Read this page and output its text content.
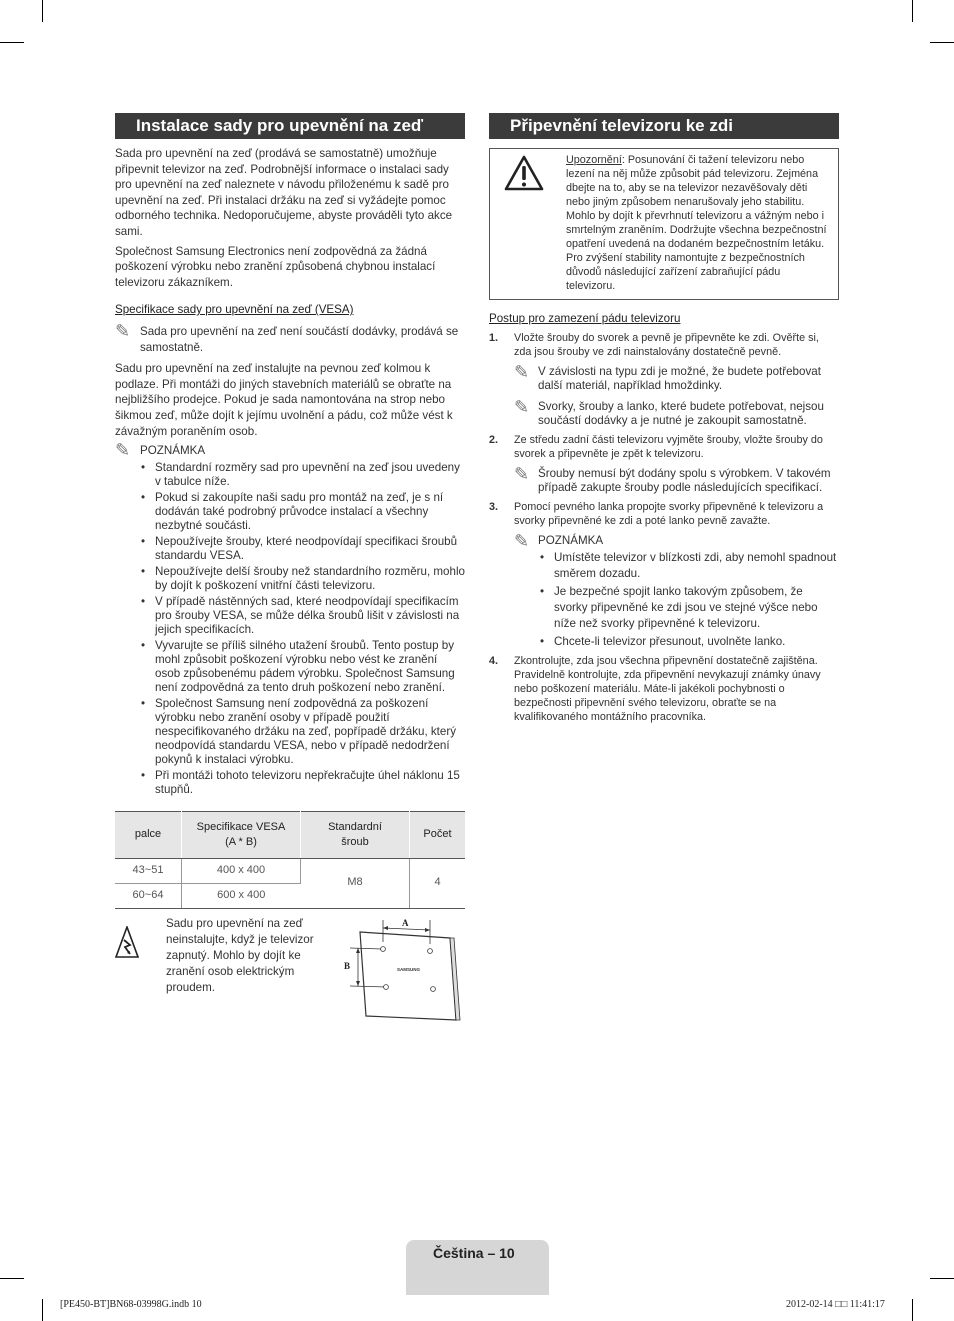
Instalace sady pro upevnění na zeď

Sada pro upevnění na zeď (prodává se samostatně) umožňuje připevnit televizor na zeď. Podrobnější informace o instalaci sady pro upevnění na zeď naleznete v návodu přiloženému k sadě pro upevnění na zeď. Při instalaci držáku na zeď si vyžádejte pomoc odborného technika. Nedoporučujeme, abyste prováděli tyto akce sami.

Společnost Samsung Electronics není zodpovědná za žádná poškození výrobku nebo zranění způsobená chybnou instalací televizoru zákazníkem.

Specifikace sady pro upevnění na zeď (VESA)
✎ Sada pro upevnění na zeď není součástí dodávky, prodává se samostatně.

Sadu pro upevnění na zeď instalujte na pevnou zeď kolmou k podlaze. Při montáži do jiných stavebních materiálů se obraťte na nejbližšího prodejce. Pokud je sada namontována na strop nebo šikmou zeď, může dojít k jejímu uvolnění a pádu, což může vést k závažným poraněním osob.

✎ POZNÁMKA
• Standardní rozměry sad pro upevnění na zeď jsou uvedeny v tabulce níže.
• Pokud si zakoupíte naši sadu pro montáž na zeď, je s ní dodáván také podrobný průvodce instalací a všechny nezbytné součásti.
• Nepoužívejte šrouby, které neodpovídají specifikaci šroubů standardu VESA.
• Nepoužívejte delší šrouby než standardního rozměru, mohlo by dojít k poškození vnitřní části televizoru.
• V případě nástěnných sad, které neodpovídají specifikacím pro šrouby VESA, se může délka šroubů lišit v závislosti na jejich specifikacích.
• Vyvarujte se příliš silného utažení šroubů. Tento postup by mohl způsobit poškození výrobku nebo vést ke zranění osob způsobenému pádem výrobku. Společnost Samsung není zodpovědná za tento druh poškození nebo zranění.
• Společnost Samsung není zodpovědná za poškození výrobku nebo zranění osoby v případě použití nespecifikovaného držáku na zeď, popřípadě držáku, který neodpovídá standardu VESA, nebo v případě nedodržení pokynů k instalaci výrobku.
• Při montáži tohoto televizoru nepřekračujte úhel náklonu 15 stupňů.
palce	Specifikace VESA (A * B)	Standardní šroub	Počet
43~51	400 x 400	M8	4
60~64	600 x 400		
Sadu pro upevnění na zeď neinstalujte, když je televizor zapnutý. Mohlo by dojít ke zranění osob elektrickým proudem.
A
B	SAMSUNG
Připevnění televizoru ke zdi
Upozornění: Posunování či tažení televizoru nebo lezení na něj může způsobit pád televizoru. Zejména dbejte na to, aby se na televizor nezavěšovaly děti nebo jiným způsobem nenarušovaly jeho stabilitu. Mohlo by dojít k převrhnutí televizoru a vážným nebo i smrtelným zraněním. Dodržujte všechna bezpečnostní opatření uvedená na dodaném bezpečnostním letáku. Pro zvýšení stability namontujte z bezpečnostních důvodů následující zařízení zabraňující pádu televizoru.
Postup pro zamezení pádu televizoru
1. Vložte šrouby do svorek a pevně je připevněte ke zdi. Ověřte si, zda jsou šrouby ve zdi nainstalovány dostatečně pevně.
✎ V závislosti na typu zdi je možné, že budete potřebovat další materiál, například hmoždinky.
✎ Svorky, šrouby a lanko, které budete potřebovat, nejsou součástí dodávky a je nutné je zakoupit samostatně.
2. Ze středu zadní části televizoru vyjměte šrouby, vložte šrouby do svorek a připevněte je zpět k televizoru.
✎ Šrouby nemusí být dodány spolu s výrobkem. V takovém případě zakupte šrouby podle následujících specifikací.
3. Pomocí pevného lanka propojte svorky připevněné k televizoru a svorky připevněné ke zdi a poté lanko pevně zavažte.
✎ POZNÁMKA
• Umístěte televizor v blízkosti zdi, aby nemohl spadnout směrem dozadu.
• Je bezpečné spojit lanko takovým způsobem, že svorky připevněné ke zdi jsou ve stejné výšce nebo níže než svorky připevněné k televizoru.
• Chcete-li televizor přesunout, uvolněte lanko.
4. Zkontrolujte, zda jsou všechna připevnění dostatečně zajištěna. Pravidelně kontrolujte, zda připevnění nevykazují známky únavy nebo poškození materiálu. Máte-li jakékoli pochybnosti o bezpečnosti připevnění svého televizoru, obraťte se na kvalifikovaného montážního pracovníka.
Čeština – 10
[PE450-BT]BN68-03998G.indb 10	2012-02-14 □□ 11:41:17
